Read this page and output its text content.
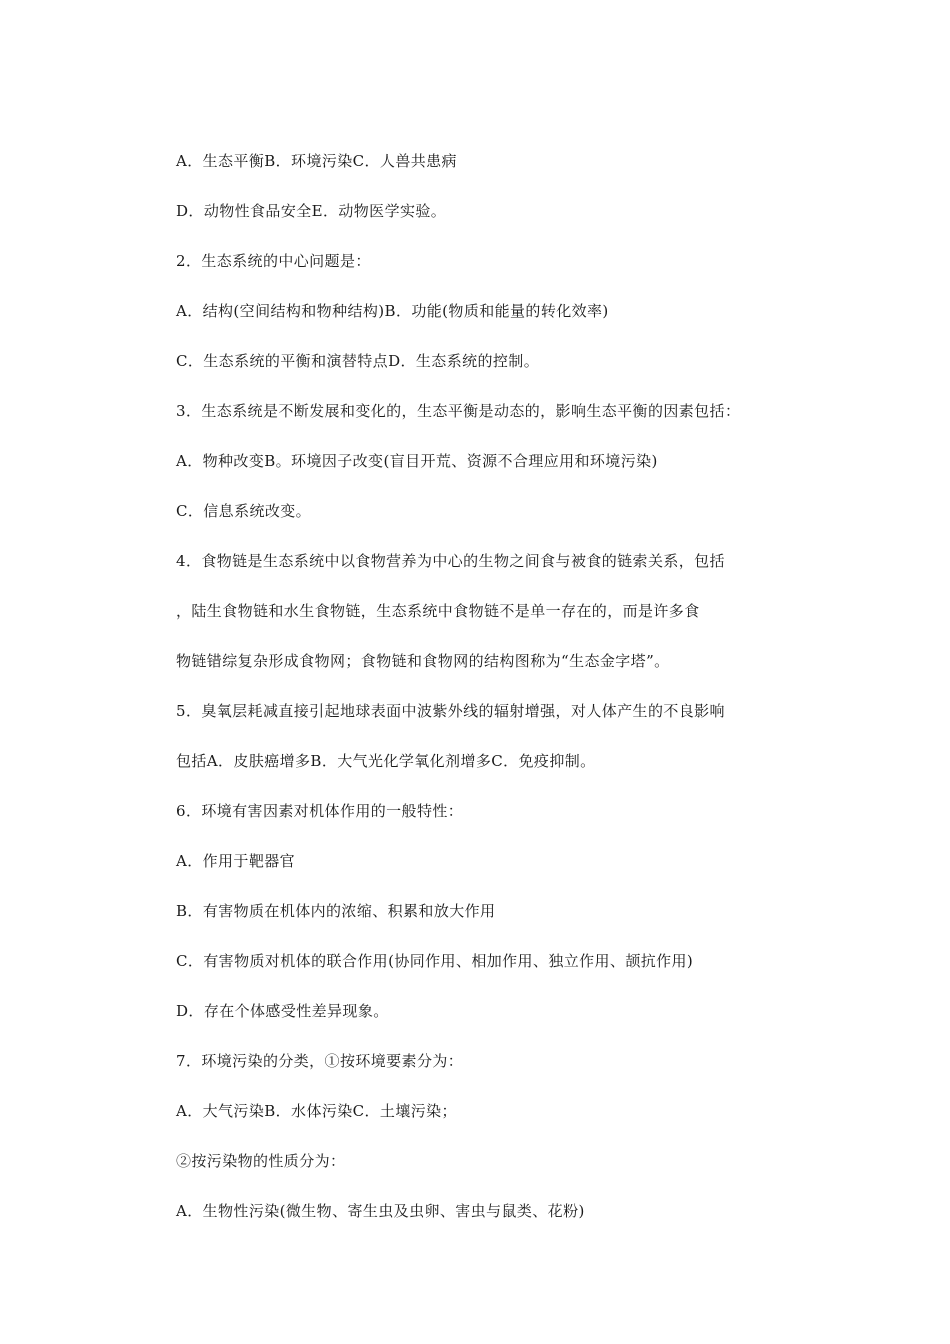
A．生态平衡B．环境污染C．人兽共患病
D．动物性食品安全E．动物医学实验。
2．生态系统的中心问题是：
A．结构(空间结构和物种结构)B．功能(物质和能量的转化效率)
C．生态系统的平衡和演替特点D．生态系统的控制。
3．生态系统是不断发展和变化的，生态平衡是动态的，影响生态平衡的因素包括：
A．物种改变B。环境因子改变(盲目开荒、资源不合理应用和环境污染)
C．信息系统改变。
4．食物链是生态系统中以食物营养为中心的生物之间食与被食的链索关系，包括
，陆生食物链和水生食物链，生态系统中食物链不是单一存在的，而是许多食
物链错综复杂形成食物网；食物链和食物网的结构图称为“生态金字塔”。
5．臭氧层耗减直接引起地球表面中波紫外线的辐射增强，对人体产生的不良影响
包括A．皮肤癌增多B．大气光化学氧化剂增多C．免疫抑制。
6．环境有害因素对机体作用的一般特性：
A．作用于靶器官
B．有害物质在机体内的浓缩、积累和放大作用
C．有害物质对机体的联合作用(协同作用、相加作用、独立作用、颉抗作用)
D．存在个体感受性差异现象。
7．环境污染的分类，①按环境要素分为：
A．大气污染B．水体污染C．土壤污染；
②按污染物的性质分为：
A．生物性污染(微生物、寄生虫及虫卵、害虫与鼠类、花粉)
